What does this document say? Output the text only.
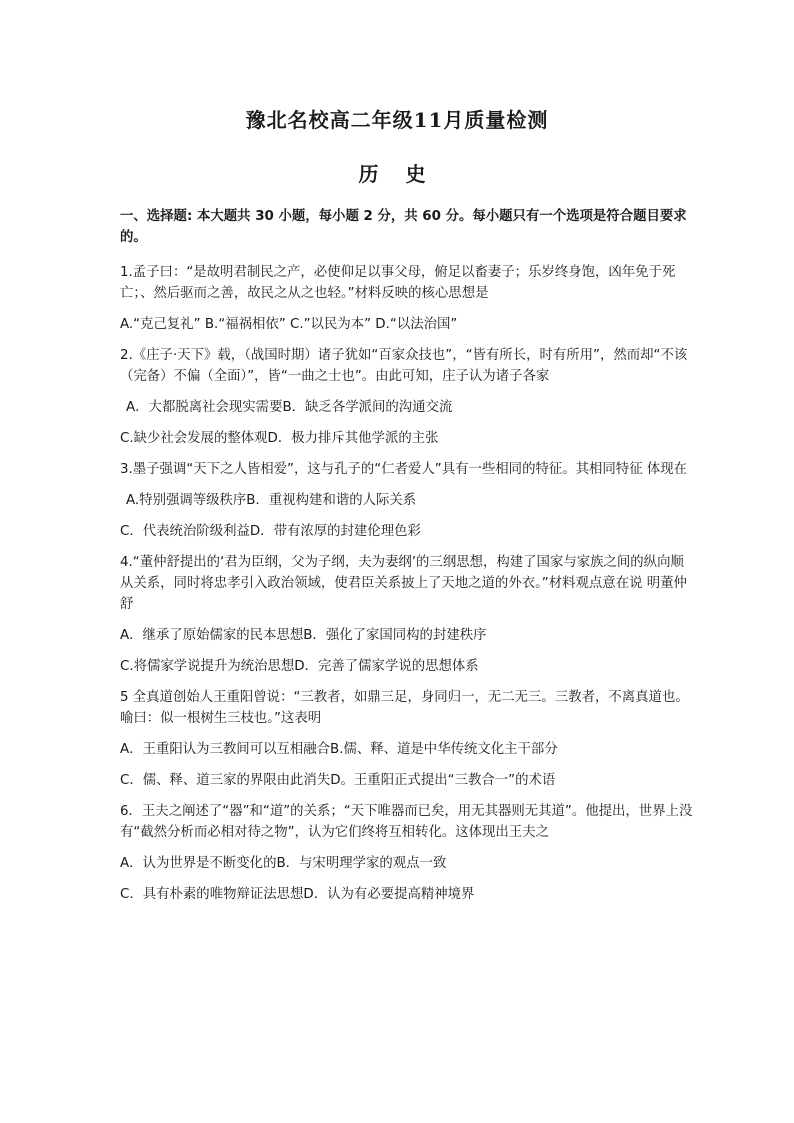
豫北名校高二年级11月质量检测
历 史
一、选择题: 本大题共 30 小题，每小题 2 分，共 60 分。每小题只有一个选项是符合题目要求的。
1.孟子曰：“是故明君制民之产，必使仰足以事父母，俯足以畜妻子；乐岁终身饱，凶年免于死亡；、然后驱而之善，故民之从之也轻。”材料反映的核心思想是
A.“克己复礼” B.“福祸相依” C.”以民为本” D.“以法治国”
2.《庄子·天下》载，（战国时期）诸子犹如“百家众技也”，“皆有所长，时有所用”，然而却“不该（完备）不偏（全面）”，皆“一曲之士也”。由此可知，庄子认为诸子各家
A．大都脱离社会现实需要B．缺乏各学派间的沟通交流
C.缺少社会发展的整体观D．极力排斥其他学派的主张
3.墨子强调“天下之人皆相爱”，这与孔子的“仁者爱人”具有一些相同的特征。其相同特征 体现在
A.特别强调等级秩序B．重视构建和谐的人际关系
C．代表统治阶级利益D．带有浓厚的封建伦理色彩
4.“董仲舒提出的‘君为臣纲，父为子纲，夫为妻纲’的三纲思想，构建了国家与家族之间的纵向顺从关系，同时将忠孝引入政治领域，使君臣关系披上了天地之道的外衣。”材料观点意在说 明董仲舒
A．继承了原始儒家的民本思想B．强化了家国同构的封建秩序
C.将儒家学说提升为统治思想D．完善了儒家学说的思想体系
5 全真道创始人王重阳曾说：“三教者，如鼎三足，身同归一，无二无三。三教者，不离真道也。 喻曰：似一根树生三枝也。”这表明
A．王重阳认为三教间可以互相融合B.儒、释、道是中华传统文化主干部分
C．儒、释、道三家的界限由此消失D。王重阳正式提出“三教合一”的术语
6．王夫之阐述了“器”和“道”的关系；“天下唯器而已矣，用无其器则无其道”。他提出，世界上没有“截然分析而必相对待之物”，认为它们终将互相转化。这体现出王夫之
A．认为世界是不断变化的B．与宋明理学家的观点一致
C．具有朴素的唯物辩证法思想D．认为有必要提高精神境界
